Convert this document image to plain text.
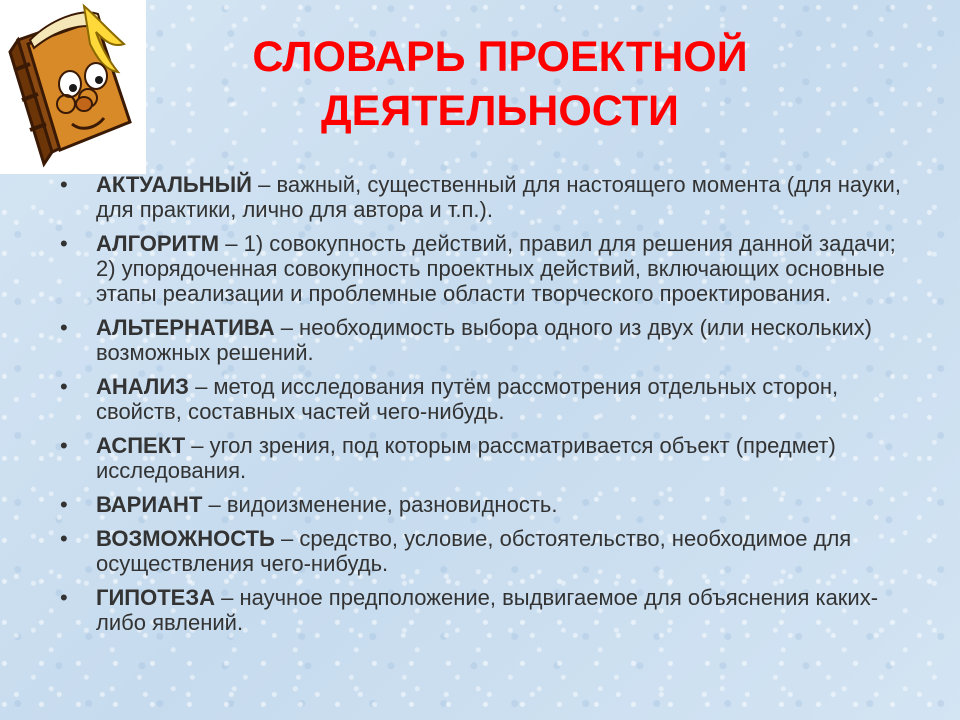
СЛОВАРЬ ПРОЕКТНОЙ
ДЕЯТЕЛЬНОСТИ
• АКТУАЛЬНЫЙ – важный, существенный для настоящего момента (для науки, для практики, лично для автора и т.п.).
• АЛГОРИТМ – 1) совокупность действий, правил для решения данной задачи; 2) упорядоченная совокупность проектных действий, включающих основные этапы реализации и проблемные области творческого проектирования.
• АЛЬТЕРНАТИВА – необходимость выбора одного из двух (или нескольких) возможных решений.
• АНАЛИЗ – метод исследования путём рассмотрения отдельных сторон, свойств, составных частей чего-нибудь.
• АСПЕКТ – угол зрения, под которым рассматривается объект (предмет) исследования.
• ВАРИАНТ – видоизменение, разновидность.
• ВОЗМОЖНОСТЬ – средство, условие, обстоятельство, необходимое для осуществления чего-нибудь.
• ГИПОТЕЗА – научное предположение, выдвигаемое для объяснения каких-либо явлений.
